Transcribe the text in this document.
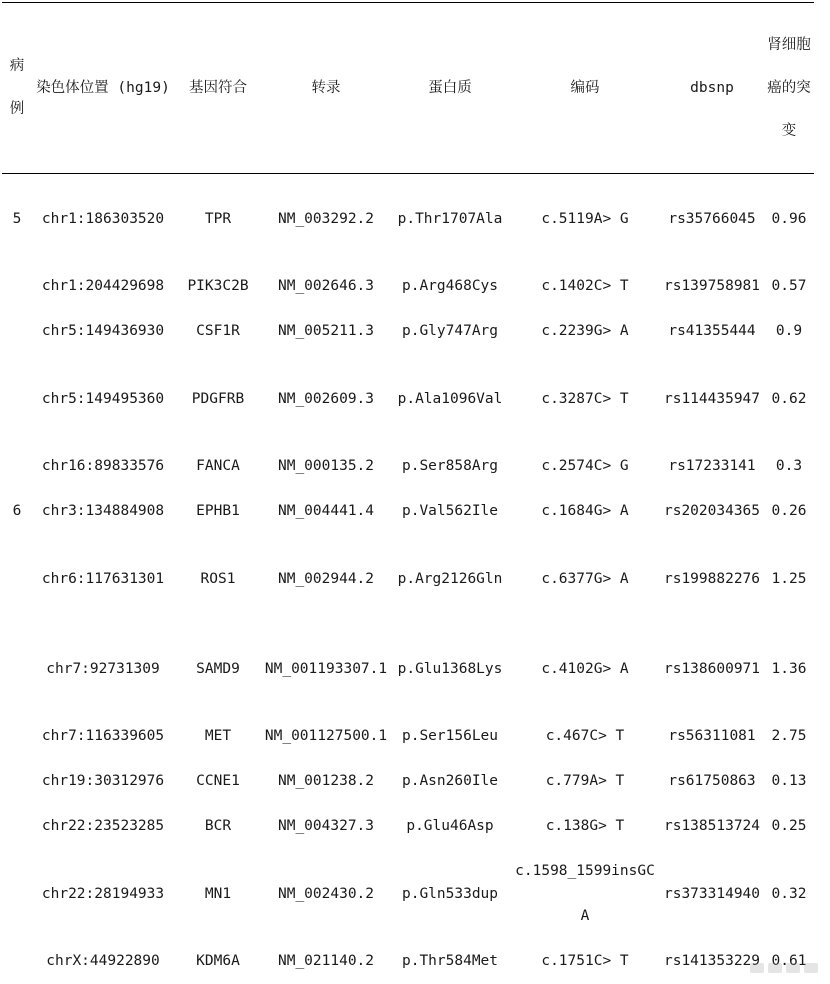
病例	染色体位置 (hg19)	基因符合	转录	蛋白质	编码	dbsnp	肾细胞癌的突变
5	chr1:186303520	TPR	NM_003292.2	p.Thr1707Ala	c.5119A> G	rs35766045	0.96
	chr1:204429698	PIK3C2B	NM_002646.3	p.Arg468Cys	c.1402C> T	rs139758981	0.57
	chr5:149436930	CSF1R	NM_005211.3	p.Gly747Arg	c.2239G> A	rs41355444	0.9
	chr5:149495360	PDGFRB	NM_002609.3	p.Ala1096Val	c.3287C> T	rs114435947	0.62
	chr16:89833576	FANCA	NM_000135.2	p.Ser858Arg	c.2574C> G	rs17233141	0.3
6	chr3:134884908	EPHB1	NM_004441.4	p.Val562Ile	c.1684G> A	rs202034365	0.26
	chr6:117631301	ROS1	NM_002944.2	p.Arg2126Gln	c.6377G> A	rs199882276	1.25
	chr7:92731309	SAMD9	NM_001193307.1	p.Glu1368Lys	c.4102G> A	rs138600971	1.36
	chr7:116339605	MET	NM_001127500.1	p.Ser156Leu	c.467C> T	rs56311081	2.75
	chr19:30312976	CCNE1	NM_001238.2	p.Asn260Ile	c.779A> T	rs61750863	0.13
	chr22:23523285	BCR	NM_004327.3	p.Glu46Asp	c.138G> T	rs138513724	0.25
	chr22:28194933	MN1	NM_002430.2	p.Gln533dup	c.1598_1599insGCA	rs373314940	0.32
	chrX:44922890	KDM6A	NM_021140.2	p.Thr584Met	c.1751C> T	rs141353229	0.61
